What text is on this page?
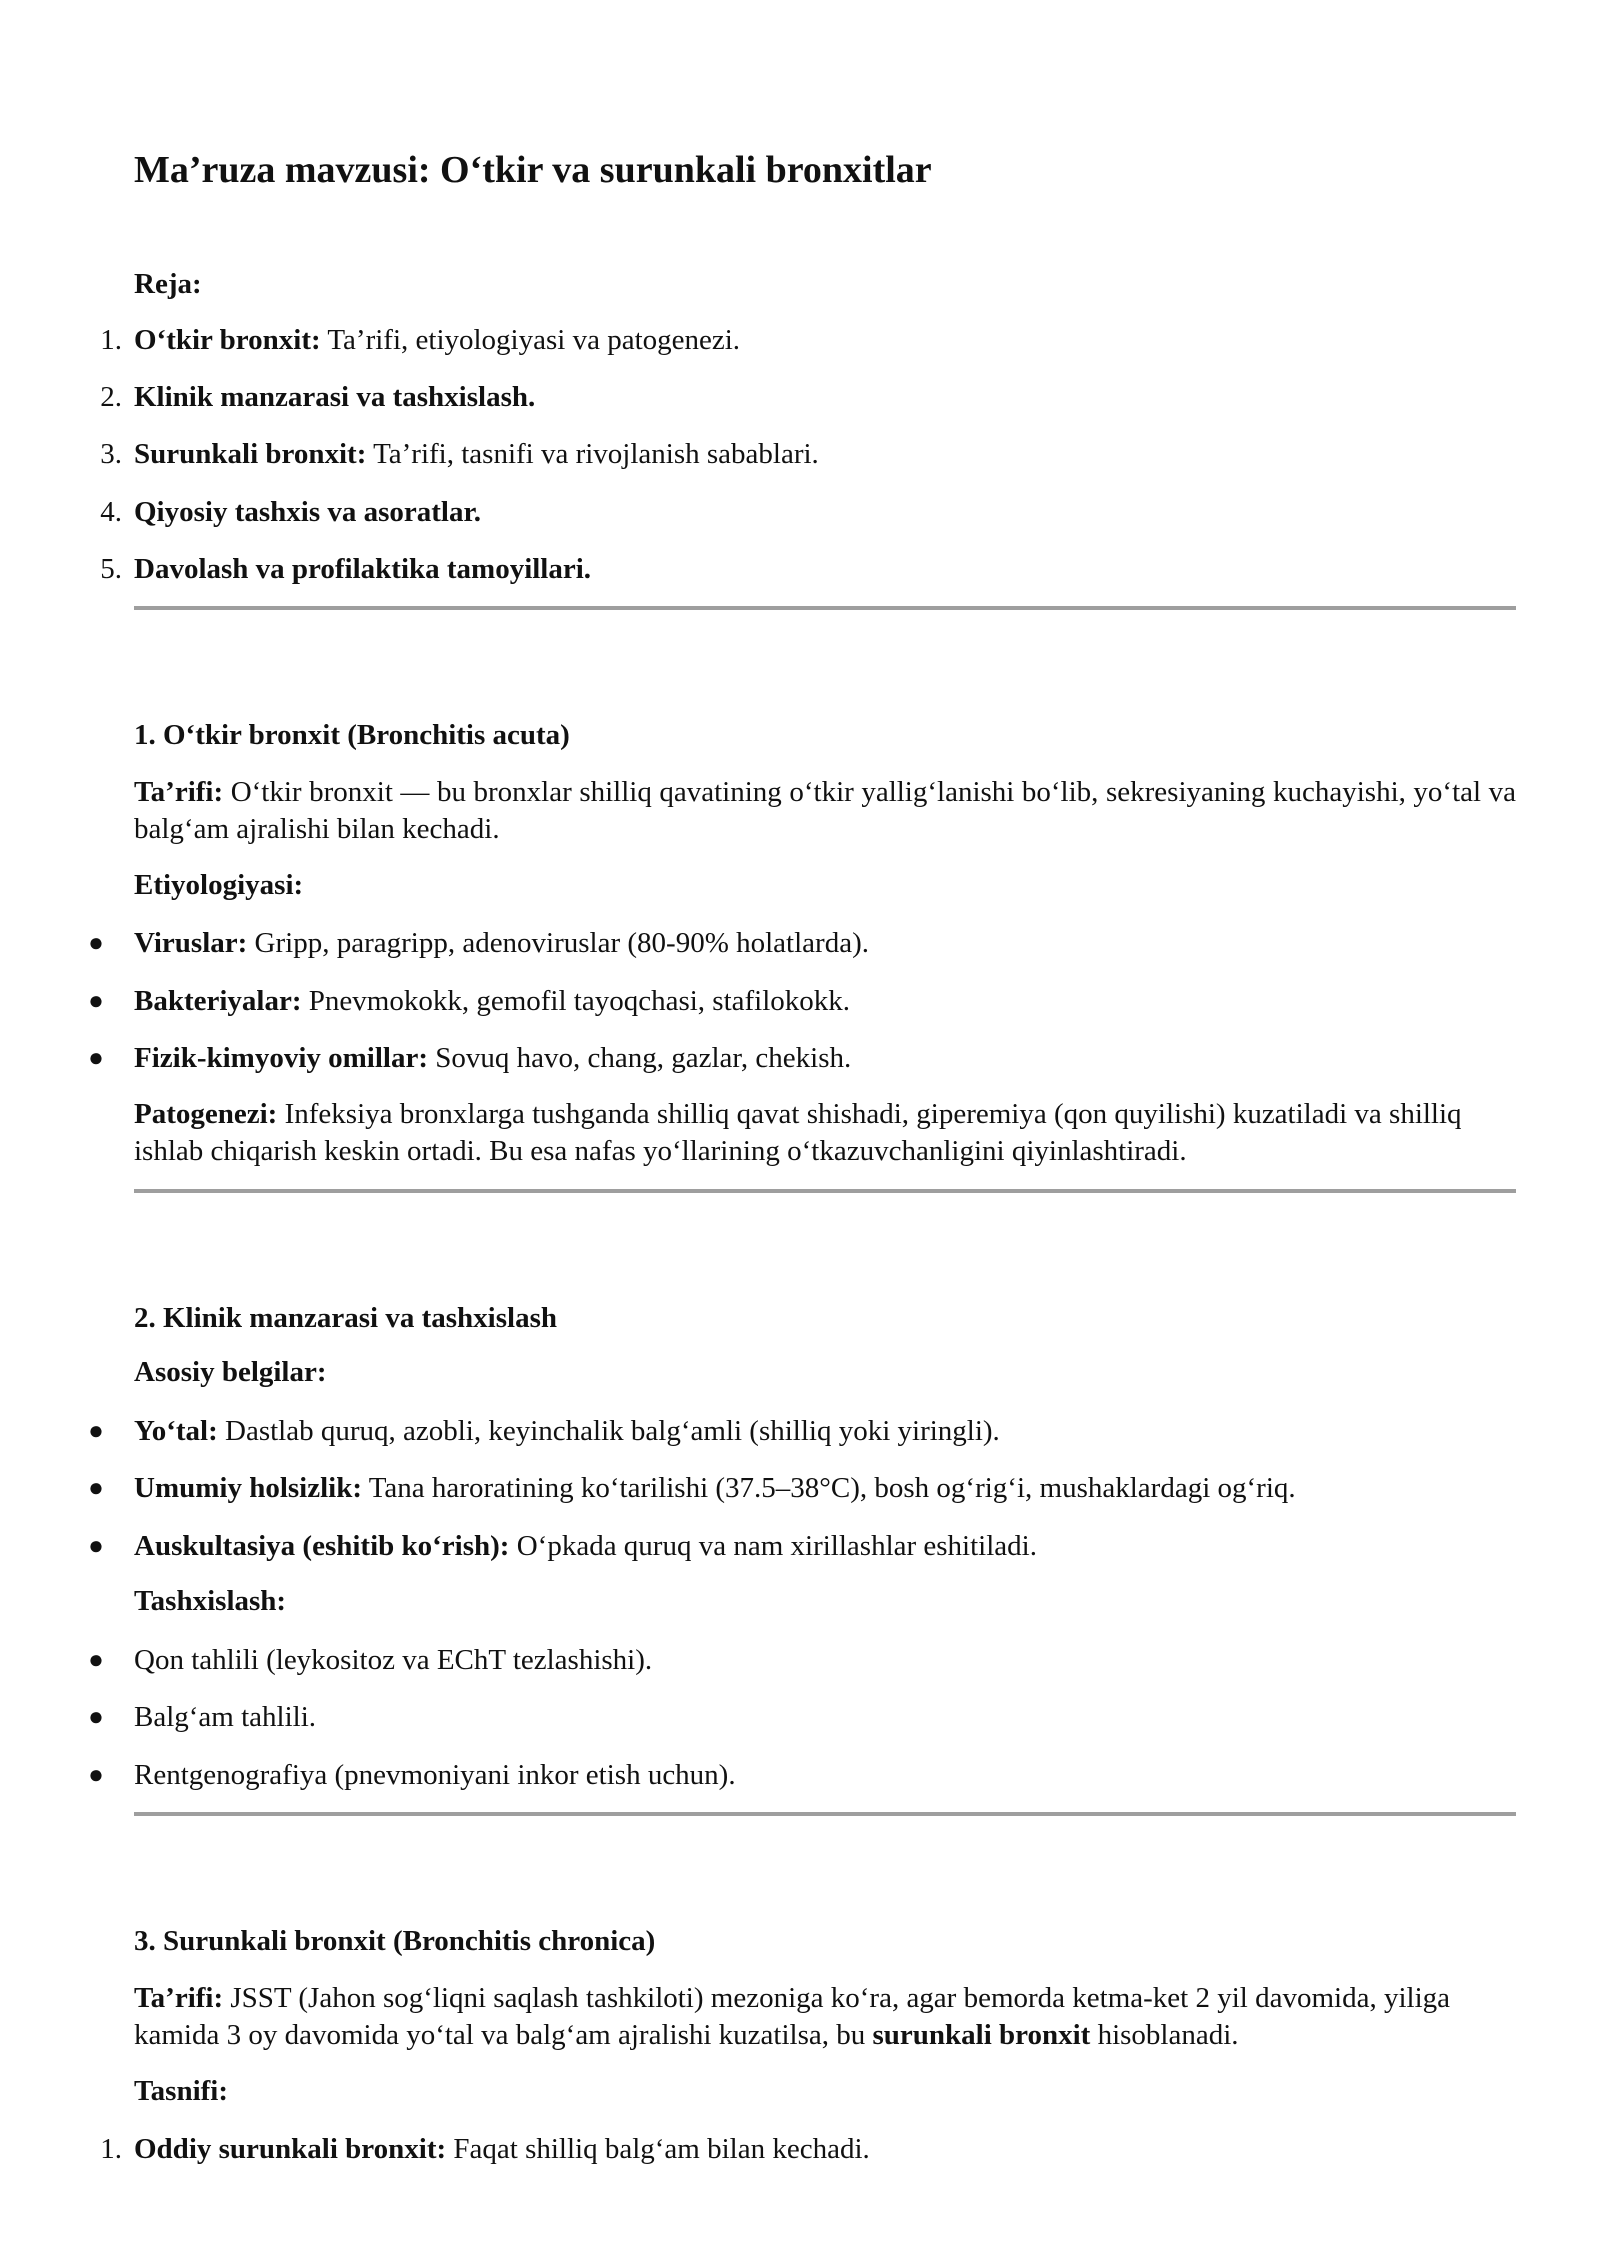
Ma’ruza mavzusi: O‘tkir va surunkali bronxitlar
Reja:
1. O‘tkir bronxit: Ta’rifi, etiyologiyasi va patogenezi.
2. Klinik manzarasi va tashxislash.
3. Surunkali bronxit: Ta’rifi, tasnifi va rivojlanish sabablari.
4. Qiyosiy tashxis va asoratlar.
5. Davolash va profilaktika tamoyillari.
1. O‘tkir bronxit (Bronchitis acuta)

Ta’rifi: O‘tkir bronxit — bu bronxlar shilliq qavatining o‘tkir yallig‘lanishi bo‘lib, sekresiyaning kuchayishi, yo‘tal va balg‘am ajralishi bilan kechadi.

Etiyologiyasi:
● Viruslar: Gripp, paragripp, adenoviruslar (80-90% holatlarda).
● Bakteriyalar: Pnevmokokk, gemofil tayoqchasi, stafilokokk.
● Fizik-kimyoviy omillar: Sovuq havo, chang, gazlar, chekish.

Patogenezi: Infeksiya bronxlarga tushganda shilliq qavat shishadi, giperemiya (qon quyilishi) kuzatiladi va shilliq ishlab chiqarish keskin ortadi. Bu esa nafas yo‘llarining o‘tkazuvchanligini qiyinlashtiradi.

2. Klinik manzarasi va tashxislash
Asosiy belgilar:
● Yo‘tal: Dastlab quruq, azobli, keyinchalik balg‘amli (shilliq yoki yiringli).
● Umumiy holsizlik: Tana haroratining ko‘tarilishi (37.5–38°C), bosh og‘rig‘i, mushaklardagi og‘riq.
● Auskultasiya (eshitib ko‘rish): O‘pkada quruq va nam xirillashlar eshitiladi.
Tashxislash:
● Qon tahlili (leykositoz va EChT tezlashishi).
● Balg‘am tahlili.
● Rentgenografiya (pnevmoniyani inkor etish uchun).
3. Surunkali bronxit (Bronchitis chronica)

Ta’rifi: JSST (Jahon sog‘liqni saqlash tashkiloti) mezoniga ko‘ra, agar bemorda ketma-ket 2 yil davomida, yiliga kamida 3 oy davomida yo‘tal va balg‘am ajralishi kuzatilsa, bu surunkali bronxit hisoblanadi.

Tasnifi:
1. Oddiy surunkali bronxit: Faqat shilliq balg‘am bilan kechadi.
